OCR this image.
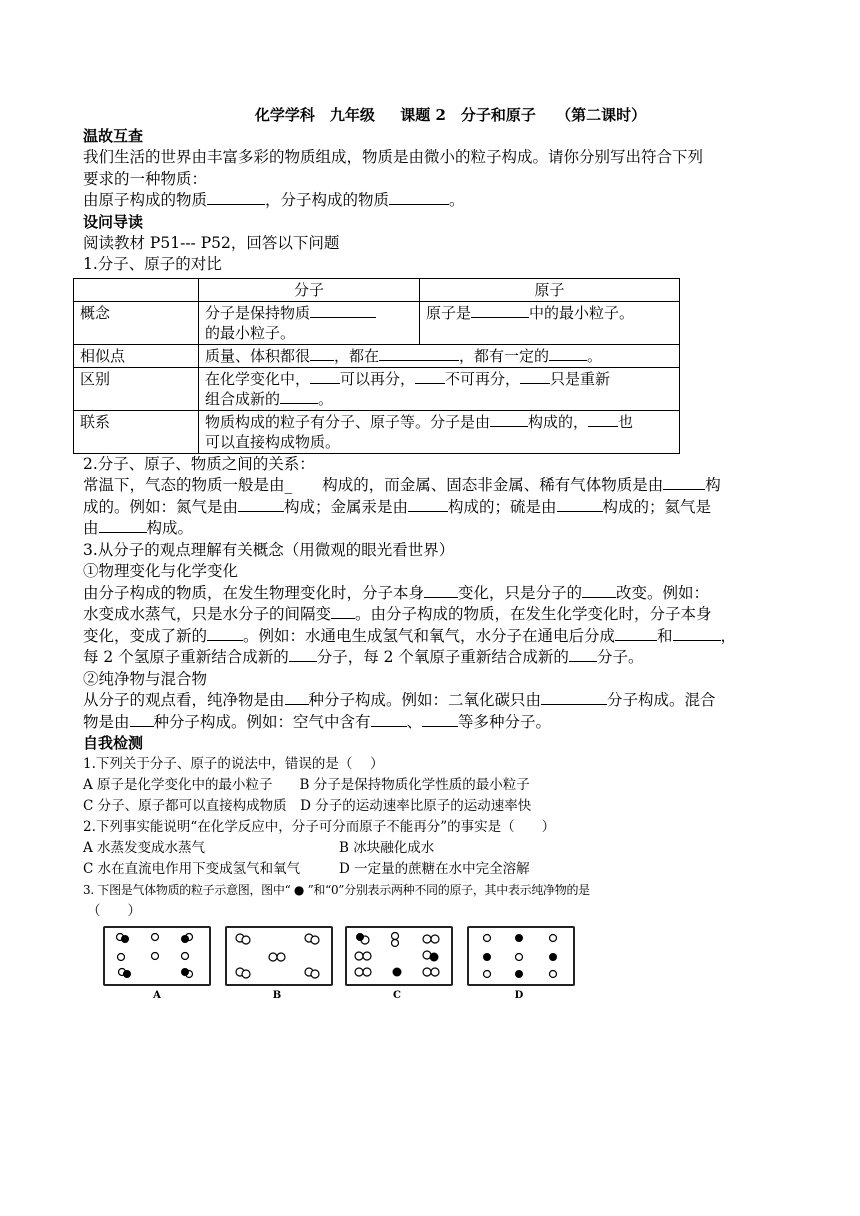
化学学科　九年级　  课题 2　分子和原子　 （第二课时）
温故互查
我们生活的世界由丰富多彩的物质组成，物质是由微小的粒子构成。请你分别写出符合下列
要求的一种物质：
由原子构成的物质	，分子构成的物质	。
设问导读
阅读教材 P51--- P52，回答以下问题
1.分子、原子的对比
	分子	原子
概念	分子是保持物质
的最小粒子。	原子是 中的最小粒子。
相似点	质量、体积都很 ，都在 ，都有一定的 。	
区别	在化学变化中， 可以再分， 不可再分， 只是重新
组合成新的 。	
联系	物质构成的粒子有分子、原子等。分子是由 构成的， 也
可以直接构成物质。	
2.分子、原子、物质之间的关系：
常温下，气态的物质一般是由_ 构成的，而金属、固态非金属、稀有气体物质是由	构
成的。例如：氮气是由	构成；金属汞是由	构成的；硫是由	构成的；氦气是
由	构成。
3.从分子的观点理解有关概念（用微观的眼光看世界）
①物理变化与化学变化
由分子构成的物质，在发生物理变化时，分子本身 变化，只是分子的 改变。例如：
水变成水蒸气，只是水分子的间隔变 。由分子构成的物质，在发生化学变化时，分子本身
变化，变成了新的 。例如：水通电生成氢气和氧气，水分子在通电后分成	和	，
每 2 个氢原子重新结合成新的 分子，每 2 个氧原子重新结合成新的 分子。
②纯净物与混合物
从分子的观点看，纯净物是由 种分子构成。例如：二氧化碳只由	分子构成。混合
物是由 种分子构成。例如：空气中含有 、 等多种分子。
自我检测
1.下列关于分子、原子的说法中，错误的是（　 ）
A 原子是化学变化中的最小粒子　　B 分子是保持物质化学性质的最小粒子
C 分子、原子都可以直接构成物质　D 分子的运动速率比原子的运动速率快
2.下列事实能说明“在化学反应中，分子可分而原子不能再分”的事实是（　　）
A 水蒸发变成水蒸气	B 冰块融化成水
C 水在直流电作用下变成氢气和氧气	D 一定量的蔗糖在水中完全溶解
3. 下图是气体物质的粒子示意图，图中“ ● ”和“0”分别表示两种不同的原子，其中表示纯净物的是
（　　）
A	B	C	D
